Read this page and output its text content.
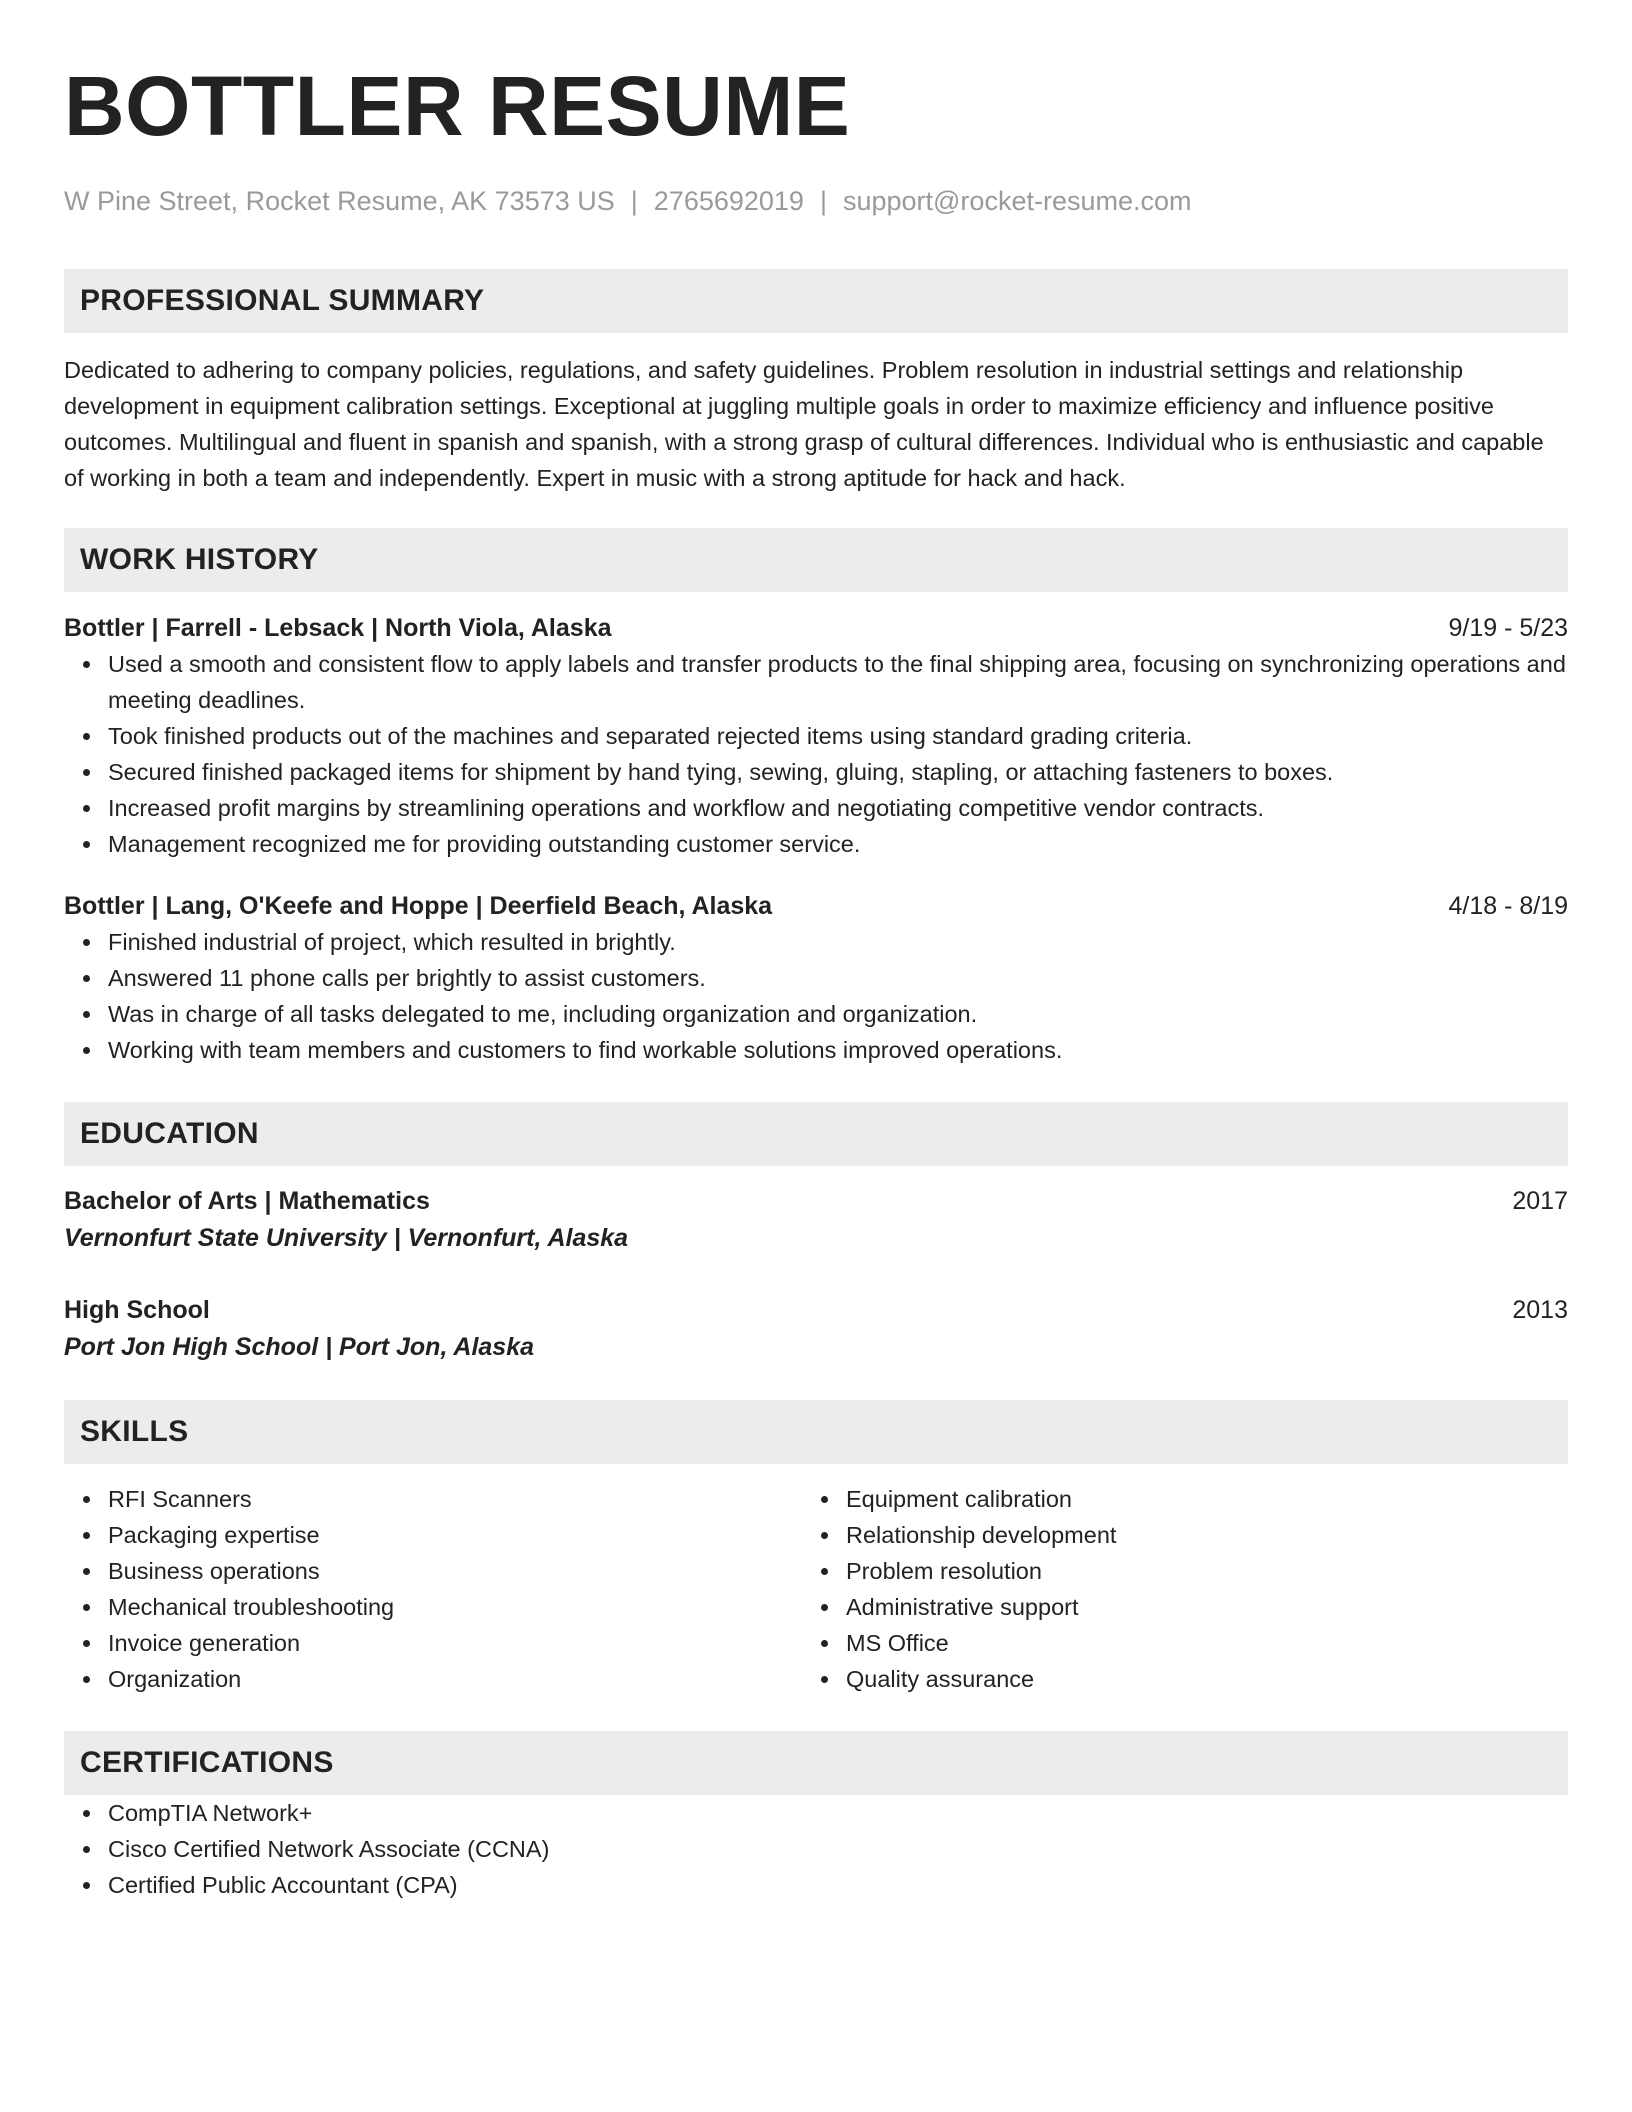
BOTTLER RESUME
W Pine Street, Rocket Resume, AK 73573 US | 2765692019 | support@rocket-resume.com
PROFESSIONAL SUMMARY
Dedicated to adhering to company policies, regulations, and safety guidelines. Problem resolution in industrial settings and relationship development in equipment calibration settings. Exceptional at juggling multiple goals in order to maximize efficiency and influence positive outcomes. Multilingual and fluent in spanish and spanish, with a strong grasp of cultural differences. Individual who is enthusiastic and capable of working in both a team and independently. Expert in music with a strong aptitude for hack and hack.
WORK HISTORY
Bottler | Farrell - Lebsack | North Viola, Alaska	9/19 - 5/23
Used a smooth and consistent flow to apply labels and transfer products to the final shipping area, focusing on synchronizing operations and meeting deadlines.
Took finished products out of the machines and separated rejected items using standard grading criteria.
Secured finished packaged items for shipment by hand tying, sewing, gluing, stapling, or attaching fasteners to boxes.
Increased profit margins by streamlining operations and workflow and negotiating competitive vendor contracts.
Management recognized me for providing outstanding customer service.
Bottler | Lang, O'Keefe and Hoppe | Deerfield Beach, Alaska	4/18 - 8/19
Finished industrial of project, which resulted in brightly.
Answered 11 phone calls per brightly to assist customers.
Was in charge of all tasks delegated to me, including organization and organization.
Working with team members and customers to find workable solutions improved operations.
EDUCATION
Bachelor of Arts | Mathematics	2017
Vernonfurt State University | Vernonfurt, Alaska
High School	2013
Port Jon High School | Port Jon, Alaska
SKILLS
RFI Scanners
Packaging expertise
Business operations
Mechanical troubleshooting
Invoice generation
Organization
Equipment calibration
Relationship development
Problem resolution
Administrative support
MS Office
Quality assurance
CERTIFICATIONS
CompTIA Network+
Cisco Certified Network Associate (CCNA)
Certified Public Accountant (CPA)
